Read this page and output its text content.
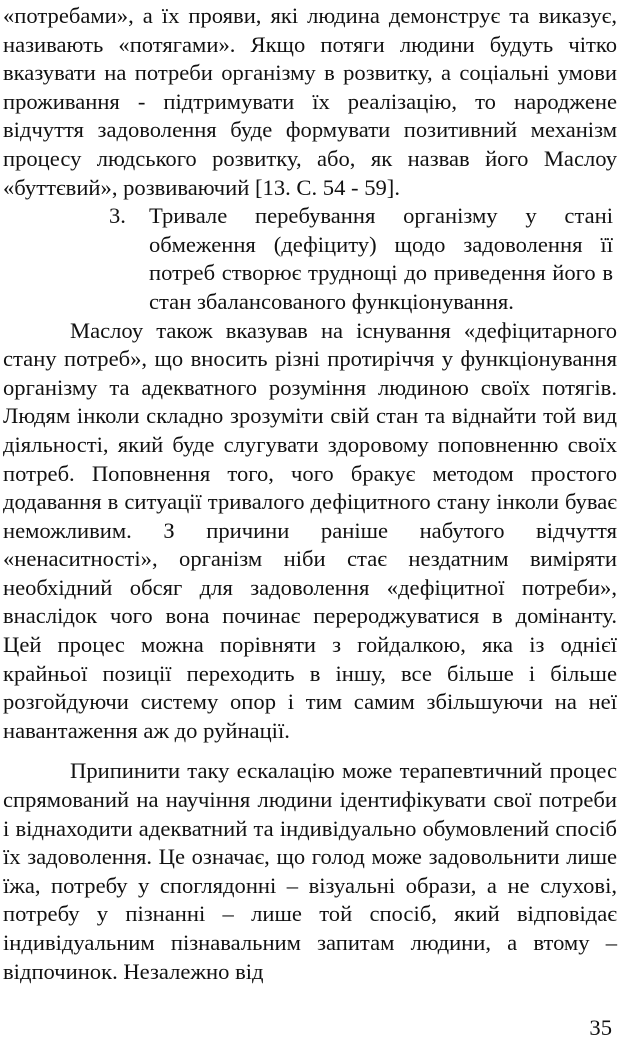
«потребами», а їх прояви, які людина демонструє та виказує, називають «потягами». Якщо потяги людини будуть чітко вказувати на потреби організму в розвитку, а соціальні умови проживання - підтримувати їх реалізацію, то народжене відчуття задоволення буде формувати позитивний механізм процесу людського розвитку, або, як назвав його Маслоу «буттєвий», розвиваючий [13. С. 54 - 59].

3. Тривале перебування організму у стані обмеження (дефіциту) щодо задоволення її потреб створює труднощі до приведення його в стан збалансованого функціонування.

Маслоу також вказував на існування «дефіцитарного стану потреб», що вносить різні протиріччя у функціонування організму та адекватного розуміння людиною своїх потягів. Людям інколи складно зрозуміти свій стан та віднайти той вид діяльності, який буде слугувати здоровому поповненню своїх потреб. Поповнення того, чого бракує методом простого додавання в ситуації тривалого дефіцитного стану інколи буває неможливим. З причини раніше набутого відчуття «ненаситності», організм ніби стає нездатним виміряти необхідний обсяг для задоволення «дефіцитної потреби», внаслідок чого вона починає перероджуватися в домінанту. Цей процес можна порівняти з гойдалкою, яка із однієї крайньої позиції переходить в іншу, все більше і більше розгойдуючи систему опор і тим самим збільшуючи на неї навантаження аж до руйнації.

Припинити таку ескалацію може терапевтичний процес спрямований на научіння людини ідентифікувати свої потреби і віднаходити адекватний та індивідуально обумовлений спосіб їх задоволення. Це означає, що голод може задовольнити лише їжа, потребу у споглядонні – візуальні образи, а не слухові, потребу у пізнанні – лише той спосіб, який відповідає індивідуальним пізнавальним запитам людини, а втому – відпочинок. Незалежно від

35
